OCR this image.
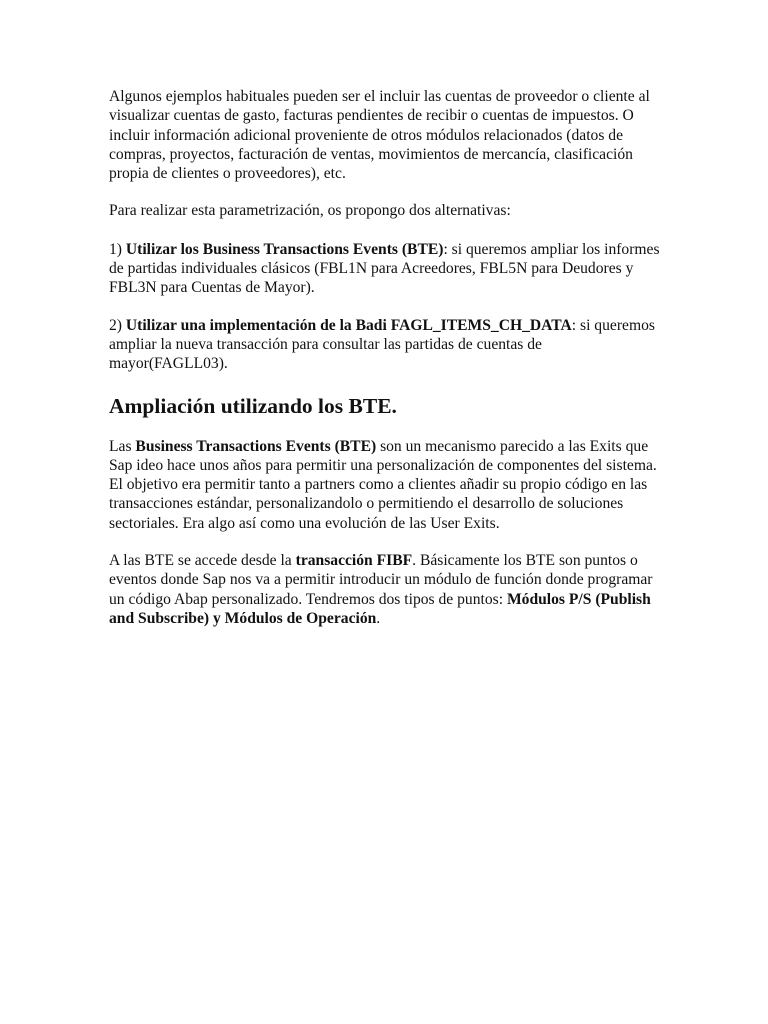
Algunos ejemplos habituales pueden ser el incluir las cuentas de proveedor o cliente al visualizar cuentas de gasto, facturas pendientes de recibir o cuentas de impuestos. O incluir información adicional proveniente de otros módulos relacionados (datos de compras, proyectos, facturación de ventas, movimientos de mercancía, clasificación propia de clientes o proveedores), etc.

Para realizar esta parametrización, os propongo dos alternativas:

1) Utilizar los Business Transactions Events (BTE): si queremos ampliar los informes de partidas individuales clásicos (FBL1N para Acreedores, FBL5N para Deudores y FBL3N para Cuentas de Mayor).

2) Utilizar una implementación de la Badi FAGL_ITEMS_CH_DATA: si queremos ampliar la nueva transacción para consultar las partidas de cuentas de mayor(FAGLL03).

Ampliación utilizando los BTE.

Las Business Transactions Events (BTE) son un mecanismo parecido a las Exits que Sap ideo hace unos años para permitir una personalización de componentes del sistema. El objetivo era permitir tanto a partners como a clientes añadir su propio código en las transacciones estándar, personalizandolo o permitiendo el desarrollo de soluciones sectoriales. Era algo así como una evolución de las User Exits.

A las BTE se accede desde la transacción FIBF. Básicamente los BTE son puntos o eventos donde Sap nos va a permitir introducir un módulo de función donde programar un código Abap personalizado. Tendremos dos tipos de puntos: Módulos P/S (Publish and Subscribe) y Módulos de Operación.
